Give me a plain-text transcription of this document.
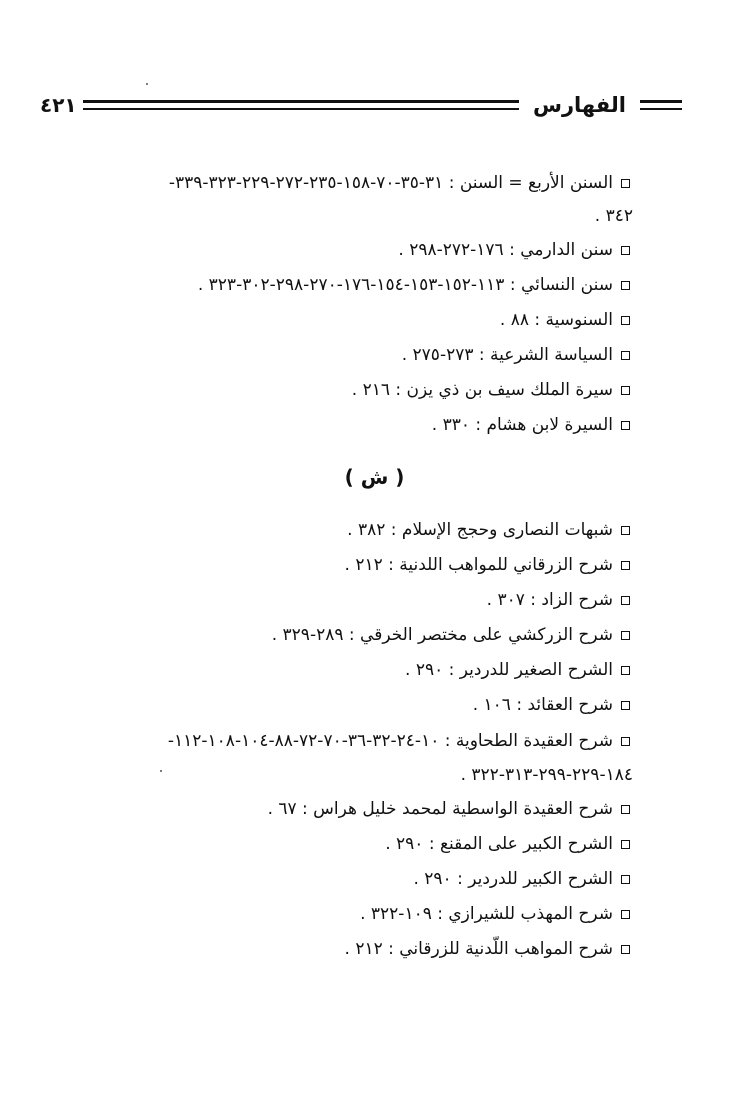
٤٢١	الفهارس
السنن الأربع = السنن : ٣١-٣٥-٧٠-١٥٨-٢٣٥-٢٧٢-٢٢٩-٣٢٣-٣٣٩-
٣٤٢ .
سنن الدارمي : ١٧٦-٢٧٢-٢٩٨ .
سنن النسائي : ١١٣-١٥٢-١٥٣-١٥٤-١٧٦-٢٧٠-٢٩٨-٣٠٢-٣٢٣ .
السنوسية : ٨٨ .
السياسة الشرعية : ٢٧٣-٢٧٥ .
سيرة الملك سيف بن ذي يزن : ٢١٦ .
السيرة لابن هشام : ٣٣٠ .
( ش )
شبهات النصارى وحجج الإسلام : ٣٨٢ .
شرح الزرقاني للمواهب اللدنية : ٢١٢ .
شرح الزاد : ٣٠٧ .
شرح الزركشي على مختصر الخرقي : ٢٨٩-٣٢٩ .
الشرح الصغير للدردير : ٢٩٠ .
شرح العقائد : ١٠٦ .
شرح العقيدة الطحاوية : ١٠-٢٤-٣٢-٣٦-٧٠-٧٢-٨٨-١٠٤-١٠٨-١١٢-
١٨٤-٢٢٩-٢٩٩-٣١٣-٣٢٢ .
شرح العقيدة الواسطية لمحمد خليل هراس : ٦٧ .
الشرح الكبير على المقنع : ٢٩٠ .
الشرح الكبير للدردير : ٢٩٠ .
شرح المهذب للشيرازي : ١٠٩-٣٢٢ .
شرح المواهب اللّدنية للزرقاني : ٢١٢ .
